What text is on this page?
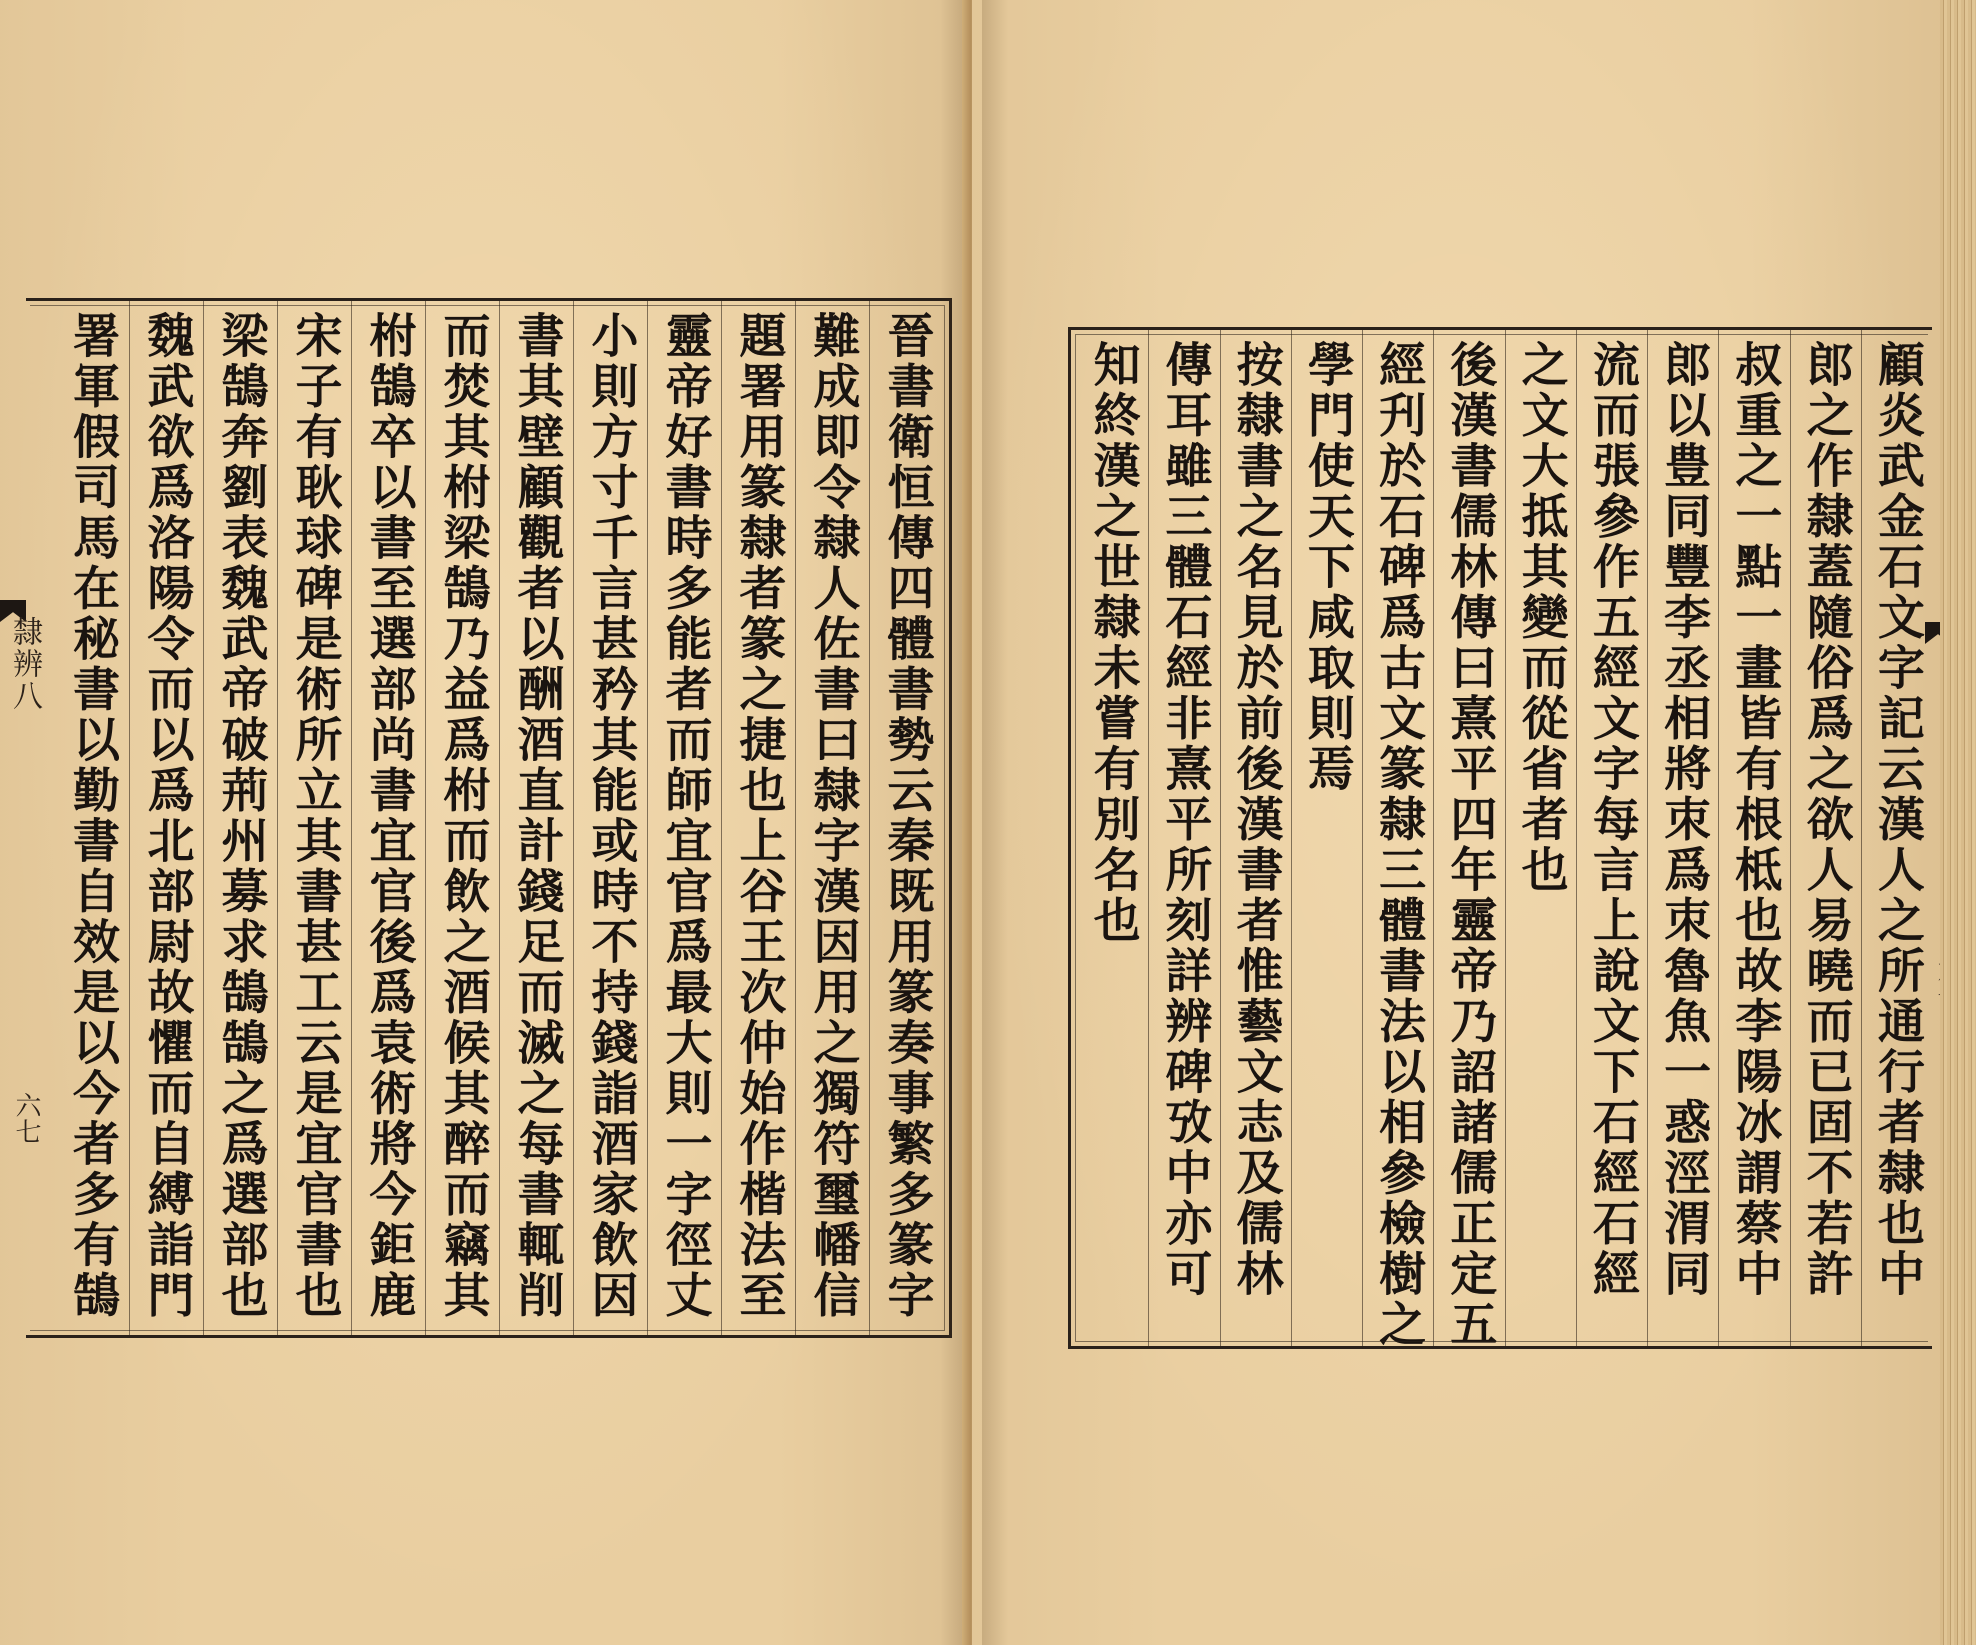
隸辨八
六七	晉書衛恒傳四體書勢云秦既用篆奏事繁多篆字
難成即令隸人佐書曰隸字漢因用之獨符璽幡信
題署用篆隸者篆之捷也上谷王次仲始作楷法至
靈帝好書時多能者而師宜官爲最大則一字徑丈
小則方寸千言甚矜其能或時不持錢詣酒家飲因
書其壁顧觀者以酬酒直計錢足而滅之每書輒削
而焚其柎梁鵠乃益爲柎而飲之酒候其醉而竊其
柎鵠卒以書至選部尚書宜官後爲袁術將今鉅鹿
宋子有耿球碑是術所立其書甚工云是宜官書也
梁鵠奔劉表魏武帝破荊州募求鵠鵠之爲選部也
魏武欲爲洛陽令而以爲北部尉故懼而自縛詣門
署軍假司馬在秘書以勤書自效是以今者多有鵠	顧炎武金石文字記云漢人之所通行者隸也中
郎之作隸蓋隨俗爲之欲人易曉而已固不若許
叔重之一點一畫皆有根柢也故李陽冰謂蔡中
郎以豊同豐李丞相將朿爲朿魯魚一惑涇渭同
流而張參作五經文字每言上說文下石經石經
之文大抵其變而從省者也
後漢書儒林傳曰熹平四年靈帝乃詔諸儒正定五
經刋於石碑爲古文篆隸三體書法以相參檢樹之
學門使天下咸取則焉
按隸書之名見於前後漢書者惟藝文志及儒林
傳耳雖三體石經非熹平所刻詳辨碑攷中亦可
知終漢之世隸未嘗有別名也
